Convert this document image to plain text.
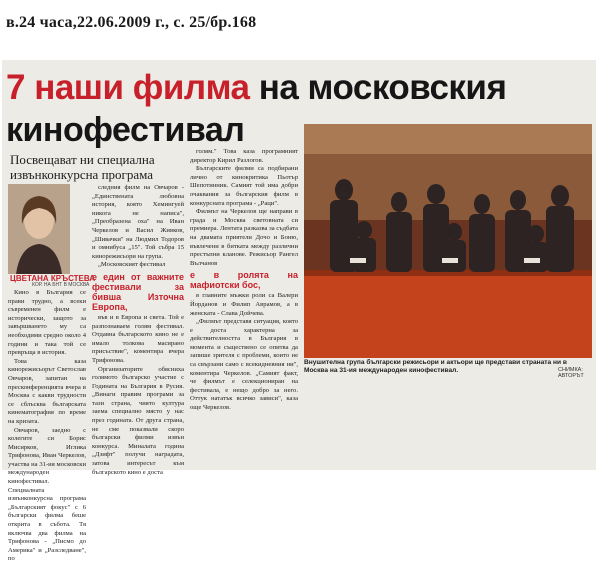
в.24 часа,22.06.2009 г., с. 25/бр.168
7 наши филма на московския
кинофестивал
Посвещават ни специална извънконкурсна програма
ЦВЕТАНА КРЪСТЕВА
КОР. НА БНТ В МОСКВА

Кино в България се прави трудно, а всеки съвременен филм е исторически, защото за завършването му са необходими средно около 4 години и така той се превръща в история.

Това каза кинорежисьорът Светослав Овчаров, запитан на пресконференцията вчера в Москва с какви трудности се сблъсква българската кинематография по време на кризата.

Овчаров, заедно с колегите си Борис Мисирков, Иглика Трифонова, Иван Черкелов, участва на 31-ия московски международен кинофестивал. Специалната извънконкурсна програма „Българският фокус" с 6 български филма беше открита в събота. Тя включва два филма на Трифонова - „Писмо до Америка" и „Разследване", по

следния филм на Овчаров - „Единствената любовна история, която Хемингуей никога не написа", „Преобразена оха" на Иван Черкелов и Васил Живков, „Шивачки" на Людмил Тодоров и омнибуса „15". Той събра 15 кинорежисьори на група.

„Московският фестивал

е един от важните фестивали за бивша Източна Европа,

във и в Европа и света. Той е разпознаваем голям фестивал. Отдавна българското кино не е имало толкова масирано присъствие", коментира вчера Трифонова.

Организаторите обясниха голямото българско участие с Годината на България в Русия. „Винаги правим програми за тази страна, чиято култура заема специално място у нас през годината. От друга страна, не сме показвали скоро български филми извън конкурса. Миналата година „Дзифт" получи наградата, затова интересът към българското кино е доста

голям." Това каза програмният директор Кирил Разлогов.

Българските филми са подбирани лично от кинокритика Пьотър Шепотинник. Самият той има добри очаквания за българския филм в конкурсната програма - „Раци".

Филмът на Черкелов ще направи в града и Москва световната си премиера. Лентата разказва за съдбата на двамата приятели Дочо и Боню, въвлечени в битката между различни престъпни кланове. Режисьор Рангел Вълчанов

е в ролята на мафиотски бос,

в главните мъжки роли са Валери Йорданов и Филип Аврамов, а в женската - Слава Дойчева.

„Филмът представя ситуация, която е доста характерна за действителността в България в момента и съществено се опитва да запише зрителя с проблеми, които не са свързани само с всекидневния ни", коментира Черкелов. „Самият факт, че филмът е селекциониран на фестивала, е нещо добро за него. Оттук нататък всичко зависи", каза още Черкелов.

Внушителна група български режисьори и актьори ще представи страната ни в Москва на 31-ия международен кинофестивал.	СНИМКА: АВТОРЪТ
